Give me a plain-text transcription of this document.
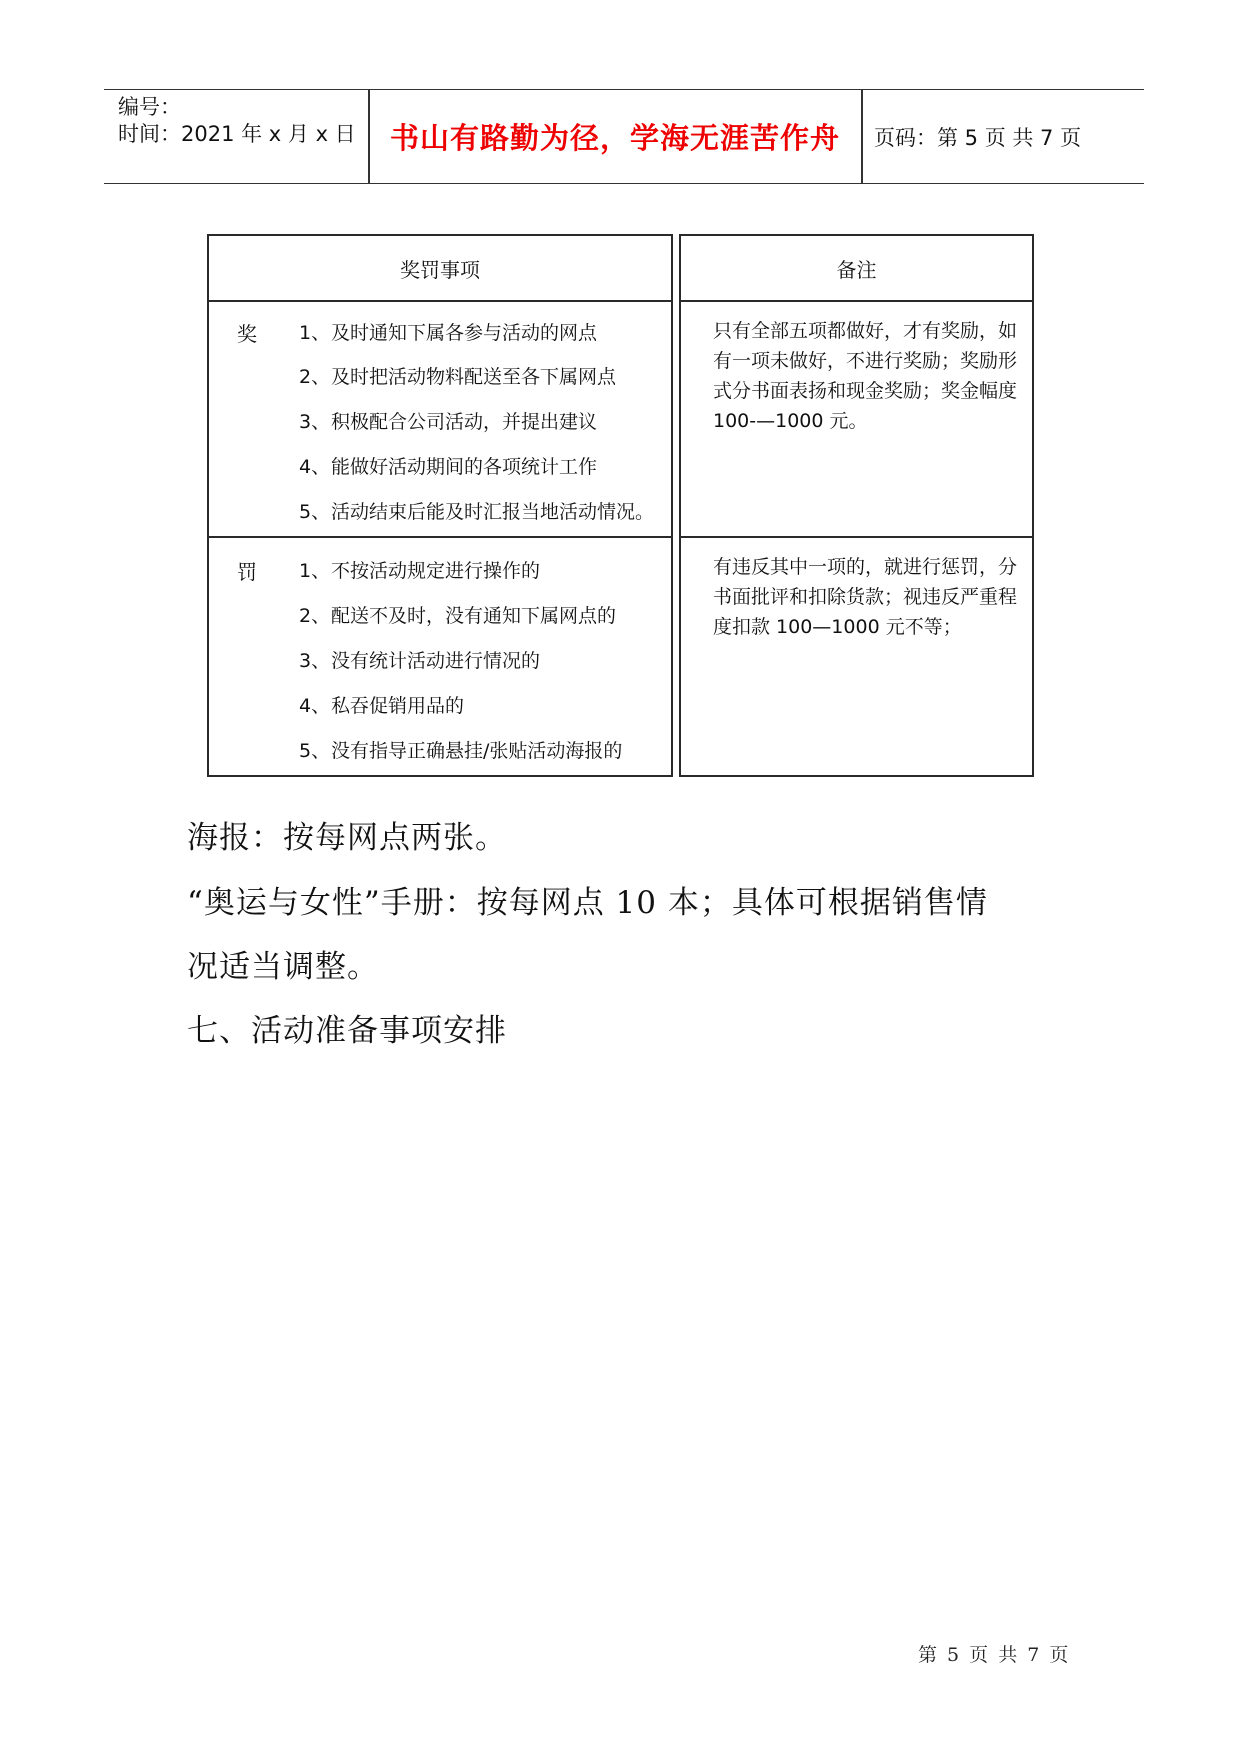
编号：
时间：2021 年 x 月 x 日	书山有路勤为径，学海无涯苦作舟	页码：第 5 页 共 7 页
奖罚事项
奖 1、及时通知下属各参与活动的网点
2、及时把活动物料配送至各下属网点
3、积极配合公司活动，并提出建议
4、能做好活动期间的各项统计工作
5、活动结束后能及时汇报当地活动情况。
罚 1、不按活动规定进行操作的
2、配送不及时，没有通知下属网点的
3、没有统计活动进行情况的
4、私吞促销用品的
5、没有指导正确悬挂/张贴活动海报的
备注
只有全部五项都做好，才有奖励，如有一项未做好，不进行奖励；奖励形式分书面表扬和现金奖励；奖金幅度 100-—1000 元。
有违反其中一项的，就进行惩罚，分书面批评和扣除货款；视违反严重程度扣款 100—1000 元不等；
海报：按每网点两张。
“奥运与女性”手册：按每网点 10 本；具体可根据销售情
况适当调整。
七、活动准备事项安排
第 5 页 共 7 页
